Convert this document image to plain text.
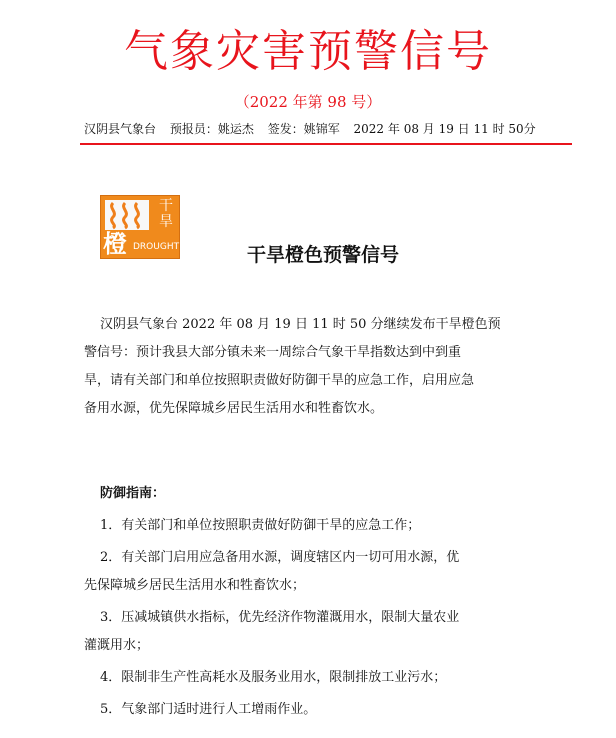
气象灾害预警信号
（2022 年第 98 号）
汉阴县气象台 预报员：姚运杰 签发：姚锦军 2022 年 08 月 19 日 11 时 50分
干旱
橙 DROUGHT	干旱橙色预警信号
汉阴县气象台 2022 年 08 月 19 日 11 时 50 分继续发布干旱橙色预
警信号：预计我县大部分镇未来一周综合气象干旱指数达到中到重
旱，请有关部门和单位按照职责做好防御干旱的应急工作，启用应急
备用水源，优先保障城乡居民生活用水和牲畜饮水。
防御指南：
1．有关部门和单位按照职责做好防御干旱的应急工作；
2．有关部门启用应急备用水源，调度辖区内一切可用水源，优
先保障城乡居民生活用水和牲畜饮水；
3．压减城镇供水指标，优先经济作物灌溉用水，限制大量农业
灌溉用水；
4．限制非生产性高耗水及服务业用水，限制排放工业污水；
5．气象部门适时进行人工增雨作业。
